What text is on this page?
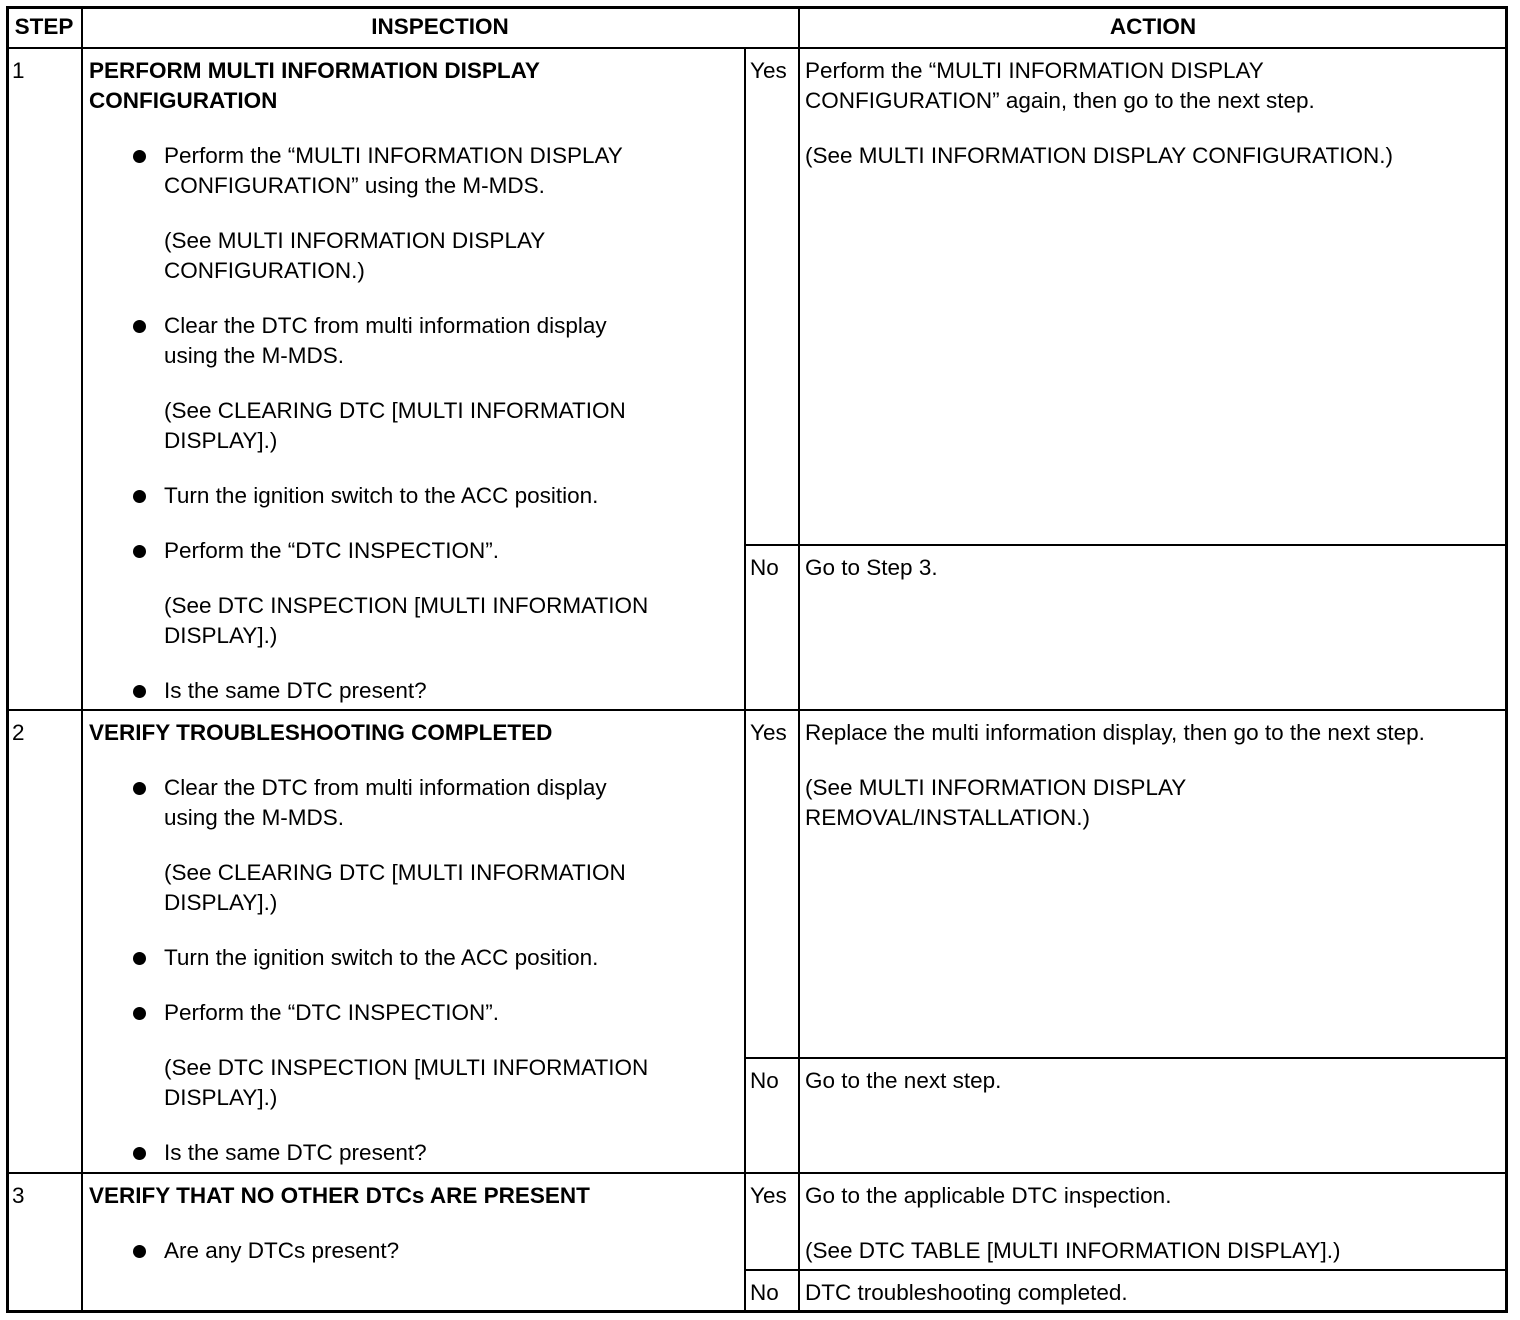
STEP	INSPECTION	ACTION
1	PERFORM MULTI INFORMATION DISPLAY
CONFIGURATION
Perform the “MULTI INFORMATION DISPLAY
CONFIGURATION” using the M-MDS.
(See MULTI INFORMATION DISPLAY
CONFIGURATION.)
Clear the DTC from multi information display
using the M-MDS.
(See CLEARING DTC [MULTI INFORMATION
DISPLAY].)
Turn the ignition switch to the ACC position.
Perform the “DTC INSPECTION”.
(See DTC INSPECTION [MULTI INFORMATION
DISPLAY].)
Is the same DTC present?
Yes Perform the “MULTI INFORMATION DISPLAY
CONFIGURATION” again, then go to the next step.
(See MULTI INFORMATION DISPLAY CONFIGURATION.)
No Go to Step 3.
2	VERIFY TROUBLESHOOTING COMPLETED
Clear the DTC from multi information display
using the M-MDS.
(See CLEARING DTC [MULTI INFORMATION
DISPLAY].)
Turn the ignition switch to the ACC position.
Perform the “DTC INSPECTION”.
(See DTC INSPECTION [MULTI INFORMATION
DISPLAY].)
Is the same DTC present?
Yes Replace the multi information display, then go to the next step.
(See MULTI INFORMATION DISPLAY
REMOVAL/INSTALLATION.)
No Go to the next step.
3	VERIFY THAT NO OTHER DTCs ARE PRESENT
Are any DTCs present?
Yes Go to the applicable DTC inspection.
(See DTC TABLE [MULTI INFORMATION DISPLAY].)
No DTC troubleshooting completed.
